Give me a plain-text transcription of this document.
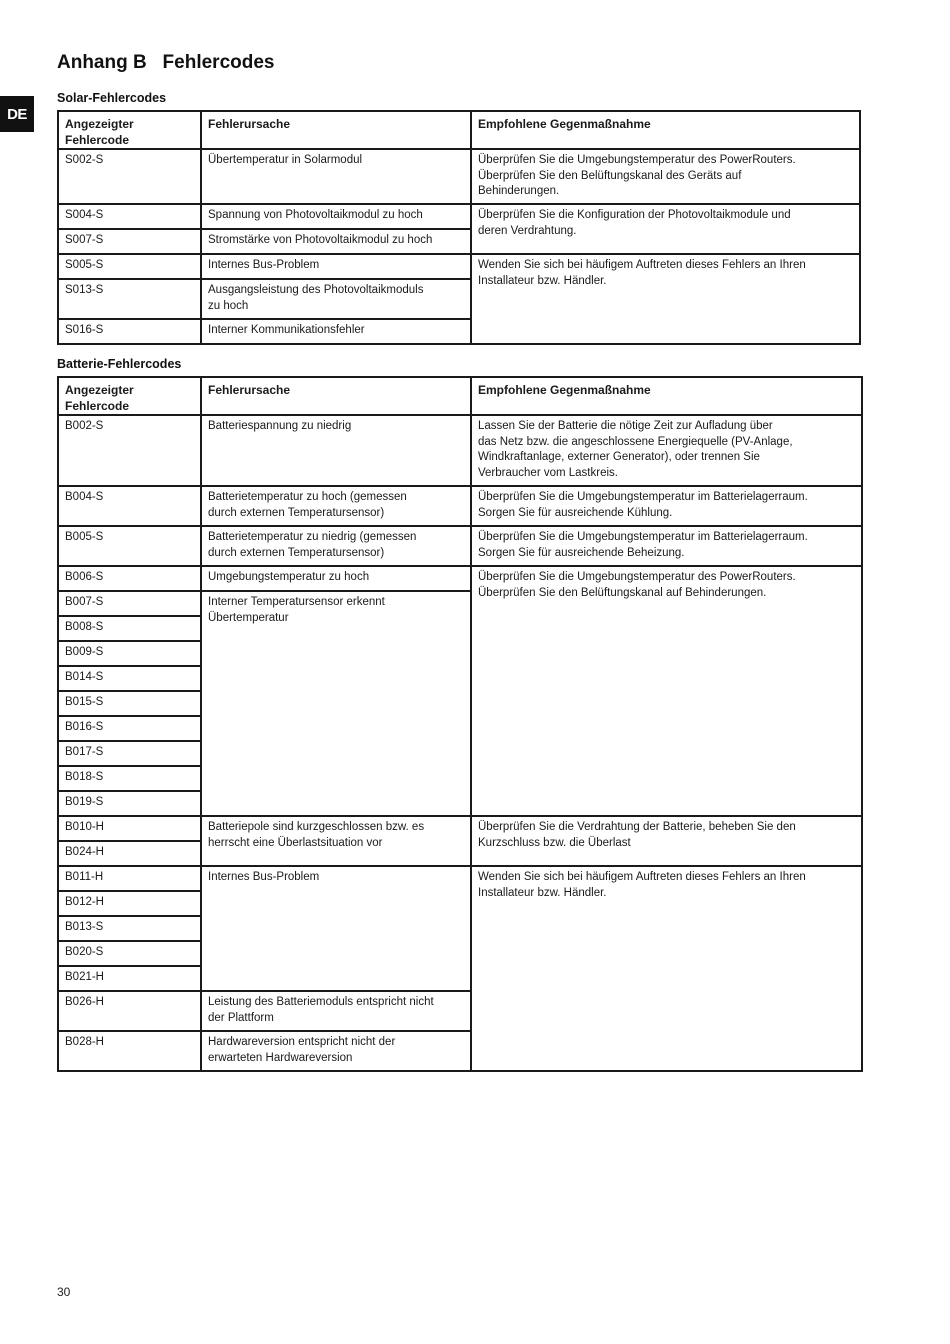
DE
Anhang B   Fehlercodes
Solar-Fehlercodes
Angezeigter
Fehlercode	Fehlerursache	Empfohlene Gegenmaßnahme
S002-S	Übertemperatur in Solarmodul	Überprüfen Sie die Umgebungstemperatur des PowerRouters.
Überprüfen Sie den Belüftungskanal des Geräts auf
Behinderungen.
S004-S	Spannung von Photovoltaikmodul zu hoch	Überprüfen Sie die Konfiguration der Photovoltaikmodule und
deren Verdrahtung.
S007-S	Stromstärke von Photovoltaikmodul zu hoch	
S005-S	Internes Bus-Problem	Wenden Sie sich bei häufigem Auftreten dieses Fehlers an Ihren
Installateur bzw. Händler.
S013-S	Ausgangsleistung des Photovoltaikmoduls
zu hoch	
S016-S	Interner Kommunikationsfehler	
Batterie-Fehlercodes
Angezeigter
Fehlercode	Fehlerursache	Empfohlene Gegenmaßnahme
B002-S	Batteriespannung zu niedrig	Lassen Sie der Batterie die nötige Zeit zur Aufladung über
das Netz bzw. die angeschlossene Energiequelle (PV-Anlage,
Windkraftanlage, externer Generator), oder trennen Sie
Verbraucher vom Lastkreis.
B004-S	Batterietemperatur zu hoch (gemessen
durch externen Temperatursensor)	Überprüfen Sie die Umgebungstemperatur im Batterielagerraum.
Sorgen Sie für ausreichende Kühlung.
B005-S	Batterietemperatur zu niedrig (gemessen
durch externen Temperatursensor)	Überprüfen Sie die Umgebungstemperatur im Batterielagerraum.
Sorgen Sie für ausreichende Beheizung.
B006-S	Umgebungstemperatur zu hoch	Überprüfen Sie die Umgebungstemperatur des PowerRouters.
Überprüfen Sie den Belüftungskanal auf Behinderungen.
B007-S	Interner Temperatursensor erkennt
Übertemperatur	
B008-S		
B009-S		
B014-S		
B015-S		
B016-S		
B017-S		
B018-S		
B019-S		
B010-H	Batteriepole sind kurzgeschlossen bzw. es
herrscht eine Überlastsituation vor	Überprüfen Sie die Verdrahtung der Batterie, beheben Sie den
Kurzschluss bzw. die Überlast
B024-H		
B011-H	Internes Bus-Problem	Wenden Sie sich bei häufigem Auftreten dieses Fehlers an Ihren
Installateur bzw. Händler.
B012-H		
B013-S		
B020-S		
B021-H		
B026-H	Leistung des Batteriemoduls entspricht nicht
der Plattform	
B028-H	Hardwareversion entspricht nicht der
erwarteten Hardwareversion	
30
